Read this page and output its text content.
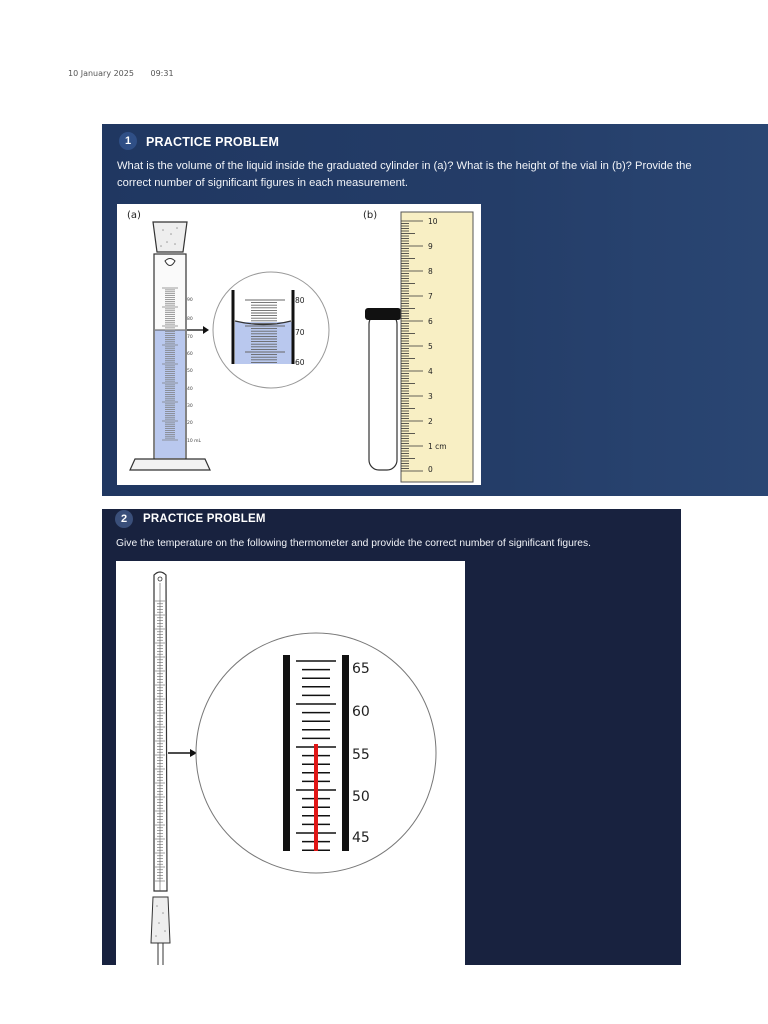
10 January 2025 09:31
1	PRACTICE PROBLEM
What is the volume of the liquid inside the graduated cylinder in (a)? What is the height of the vial in (b)? Provide the
correct number of significant figures in each measurement.
(a)
90
80
70
60
50
40
30
20
10 mL
80
70
60
(b)
10
9
8
7
6
5
4
3
2
1 cm
0
2	PRACTICE PROBLEM
Give the temperature on the following thermometer and provide the correct number of significant figures.
65
60
55
50
45
